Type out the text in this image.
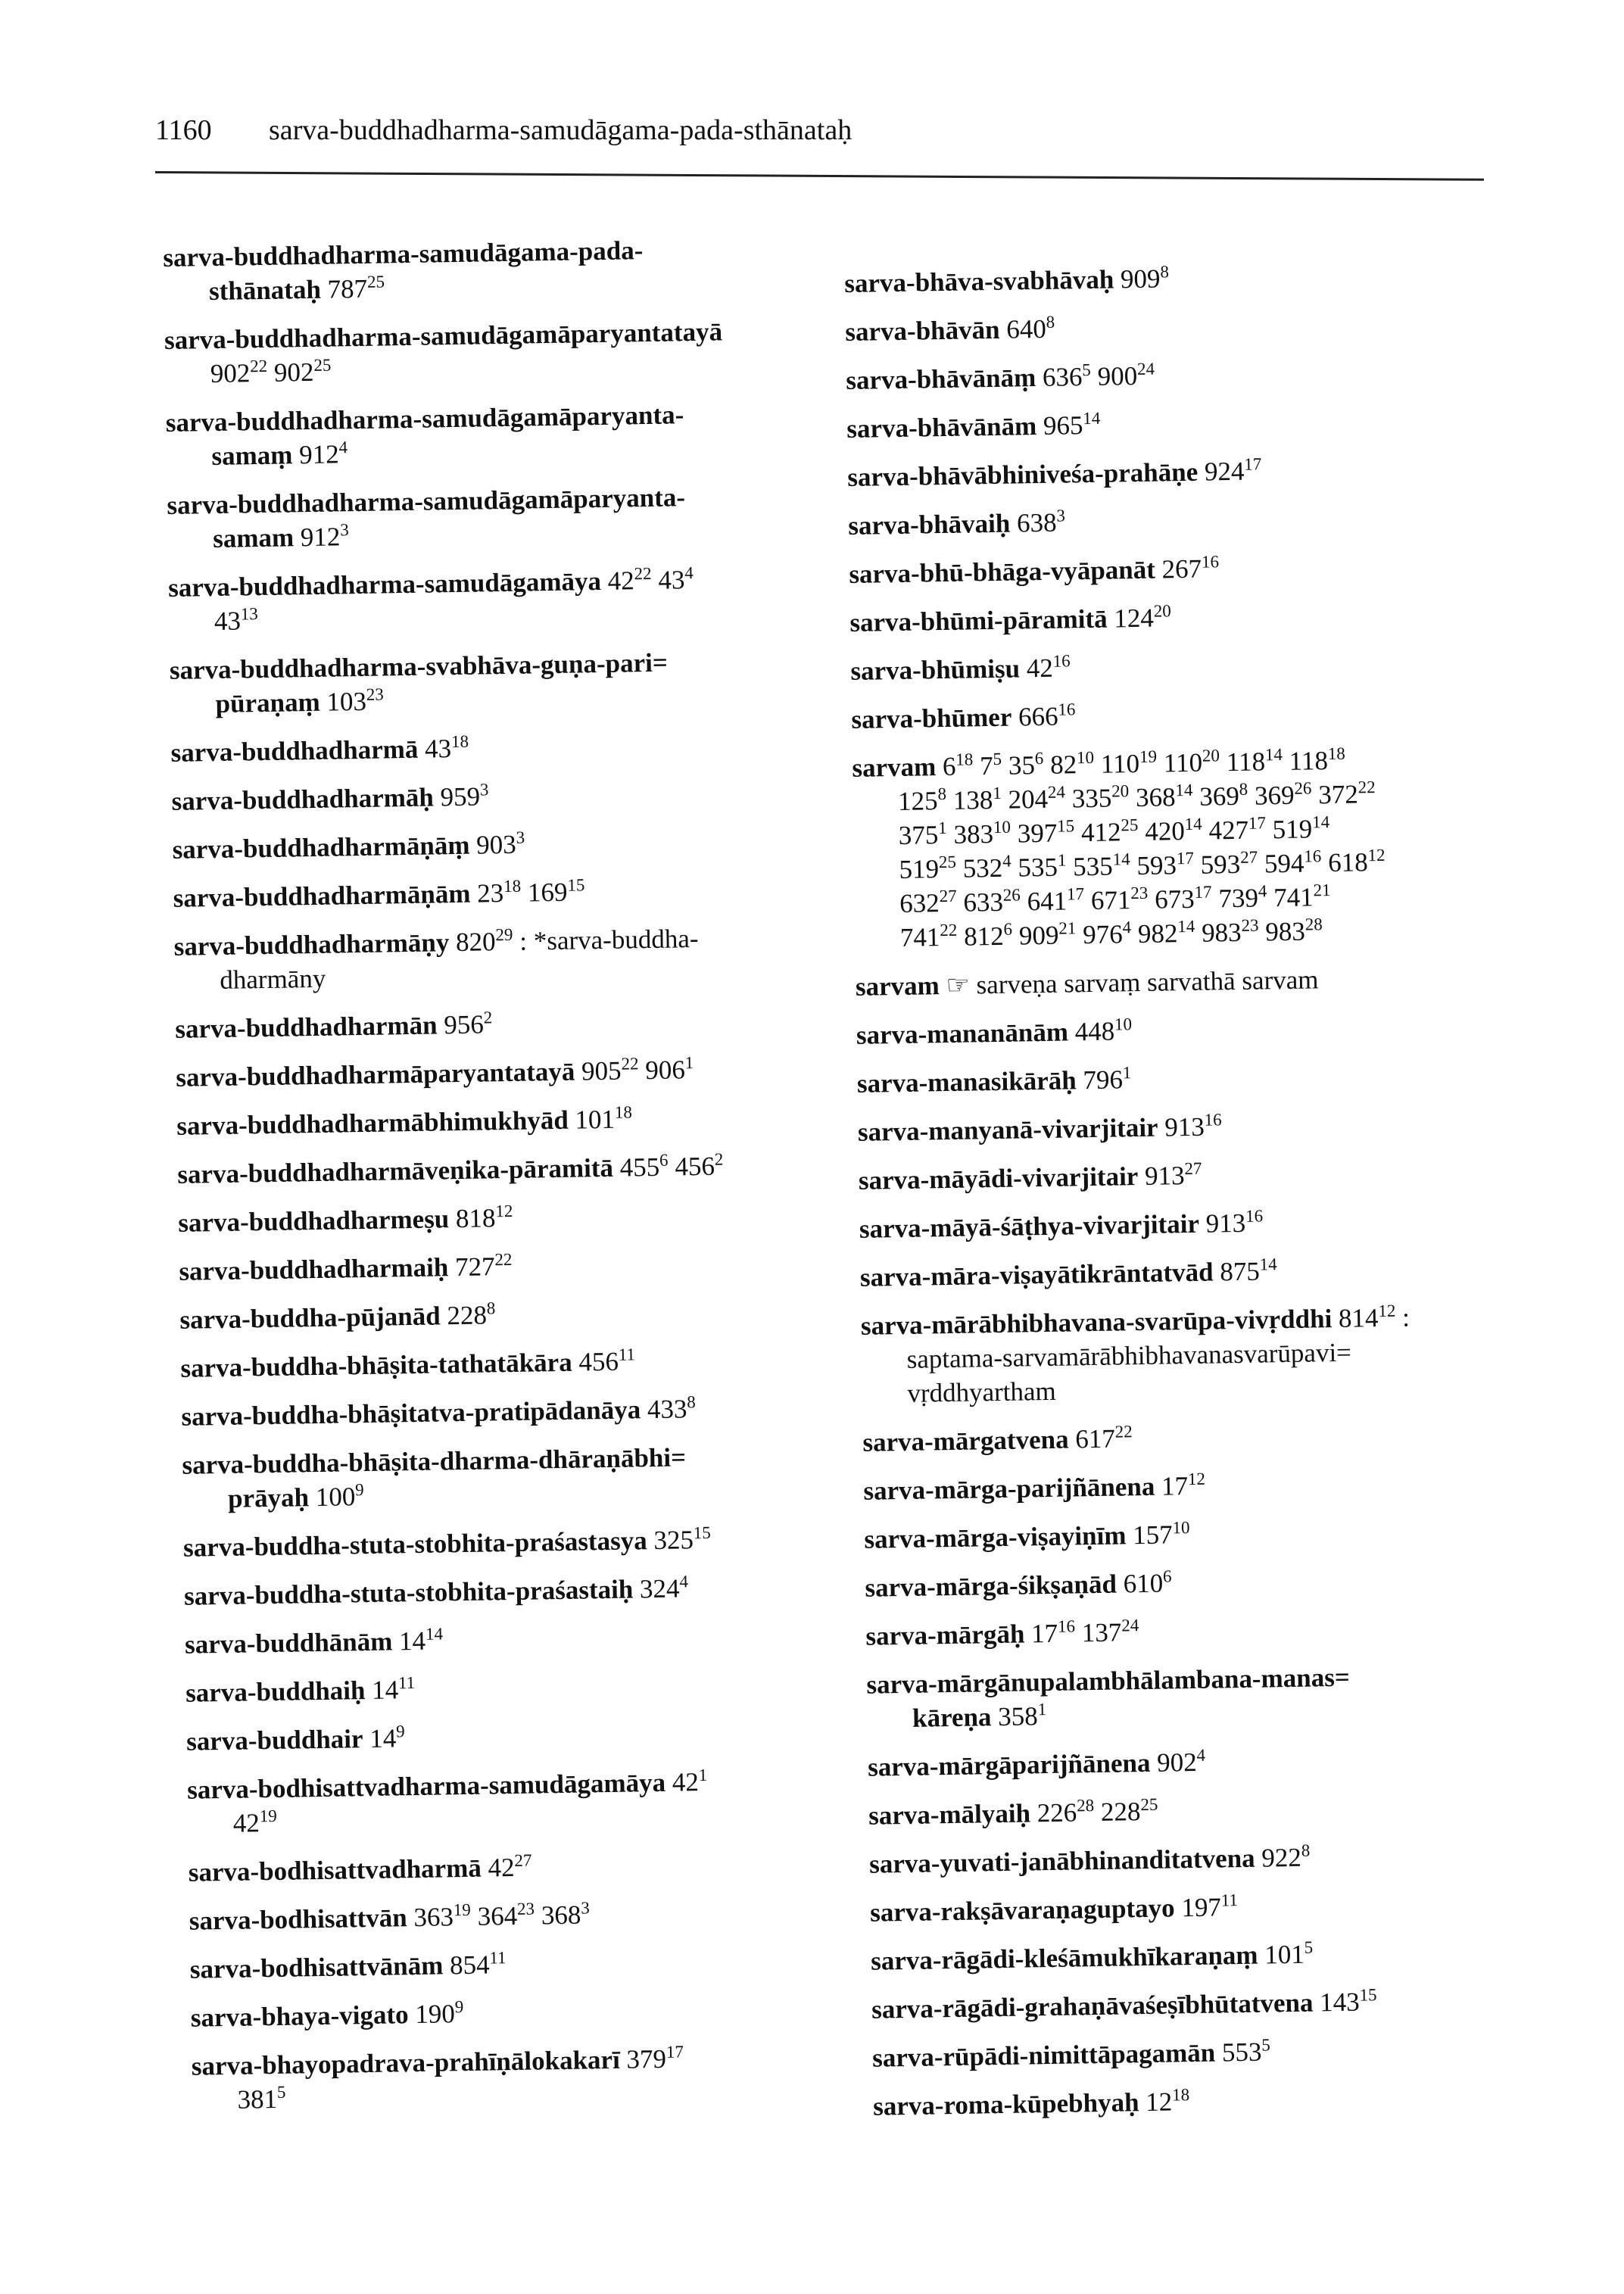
1160 sarva-buddhadharma-samudāgama-pada-sthānataḥ
sarva-buddhadharma-samudāgama-pada-
sthānataḥ $787^{25}$
sarva-buddhadharma-samudāgamāparyantatayā
$902^{22}$ $902^{25}$
sarva-buddhadharma-samudāgamāparyanta-
samaṃ $912^4$
sarva-buddhadharma-samudāgamāparyanta-
samam $912^3$
sarva-buddhadharma-samudāgamāya $42^{22}$ $43^4$
$43^{13}$
sarva-buddhadharma-svabhāva-guṇa-pari=
pūraṇaṃ $103^{23}$
sarva-buddhadharmā $43^{18}$
sarva-buddhadharmāḥ $959^3$
sarva-buddhadharmāṇāṃ $903^3$
sarva-buddhadharmāṇām $23^{18}$ $169^{15}$
sarva-buddhadharmāṇy $820^{29}$ : *sarva-buddha-
dharmāny
sarva-buddhadharmān $956^2$
sarva-buddhadharmāparyantatayā $905^{22}$ $906^1$
sarva-buddhadharmābhimukhyād $101^{18}$
sarva-buddhadharmāveṇika-pāramitā $455^6$ $456^2$
sarva-buddhadharmeṣu $818^{12}$
sarva-buddhadharmaiḥ $727^{22}$
sarva-buddha-pūjanād $228^8$
sarva-buddha-bhāṣita-tathatākāra $456^{11}$
sarva-buddha-bhāṣitatva-pratipādanāya $433^8$
sarva-buddha-bhāṣita-dharma-dhāraṇābhi=
prāyaḥ $100^9$
sarva-buddha-stuta-stobhita-praśastasya $325^{15}$
sarva-buddha-stuta-stobhita-praśastaiḥ $324^4$
sarva-buddhānām $14^{14}$
sarva-buddhaiḥ $14^{11}$
sarva-buddhair $14^9$
sarva-bodhisattvadharma-samudāgamāya $42^1$
$42^{19}$
sarva-bodhisattvadharmā $42^{27}$
sarva-bodhisattvān $363^{19}$ $364^{23}$ $368^3$
sarva-bodhisattvānām $854^{11}$
sarva-bhaya-vigato $190^9$
sarva-bhayopadrava-prahīṇālokakarī $379^{17}$
$381^5$
sarva-bhāva-svabhāvaḥ $909^8$
sarva-bhāvān $640^8$
sarva-bhāvānāṃ $636^5$ $900^{24}$
sarva-bhāvānām $965^{14}$
sarva-bhāvābhiniveśa-prahāṇe $924^{17}$
sarva-bhāvaiḥ $638^3$
sarva-bhū-bhāga-vyāpanāt $267^{16}$
sarva-bhūmi-pāramitā $124^{20}$
sarva-bhūmiṣu $42^{16}$
sarva-bhūmer $666^{16}$
sarvam $6^{18}$ $7^5$ $35^6$ $82^{10}$ $110^{19}$ $110^{20}$ $118^{14}$ $118^{18}$
$125^8$ $138^1$ $204^{24}$ $335^{20}$ $368^{14}$ $369^8$ $369^{26}$ $372^{22}$
$375^1$ $383^{10}$ $397^{15}$ $412^{25}$ $420^{14}$ $427^{17}$ $519^{14}$
$519^{25}$ $532^4$ $535^1$ $535^{14}$ $593^{17}$ $593^{27}$ $594^{16}$ $618^{12}$
$632^{27}$ $633^{26}$ $641^{17}$ $671^{23}$ $673^{17}$ $739^4$ $741^{21}$
$741^{22}$ $812^6$ $909^{21}$ $976^4$ $982^{14}$ $983^{23}$ $983^{28}$
sarvam ☞ sarveṇa sarvaṃ sarvathā sarvam
sarva-mananānām $448^{10}$
sarva-manasikārāḥ $796^1$
sarva-manyanā-vivarjitair $913^{16}$
sarva-māyādi-vivarjitair $913^{27}$
sarva-māyā-śāṭhya-vivarjitair $913^{16}$
sarva-māra-viṣayātikrāntatvād $875^{14}$
sarva-mārābhibhavana-svarūpa-vivṛddhi $814^{12}$ :
saptama-sarvamārābhibhavanasvarūpavi=
vṛddhyartham
sarva-mārgatvena $617^{22}$
sarva-mārga-parijñānena $17^{12}$
sarva-mārga-viṣayiṇīm $157^{10}$
sarva-mārga-śikṣaṇād $610^6$
sarva-mārgāḥ $17^{16}$ $137^{24}$
sarva-mārgānupalambhālambana-manas=
kāreṇa $358^1$
sarva-mārgāparijñānena $902^4$
sarva-mālyaiḥ $226^{28}$ $228^{25}$
sarva-yuvati-janābhinanditatvena $922^8$
sarva-rakṣāvaraṇaguptayo $197^{11}$
sarva-rāgādi-kleśāmukhīkaraṇaṃ $101^5$
sarva-rāgādi-grahaṇāvaśeṣībhūtatvena $143^{15}$
sarva-rūpādi-nimittāpagamān $553^5$
sarva-roma-kūpebhyaḥ $12^{18}$
